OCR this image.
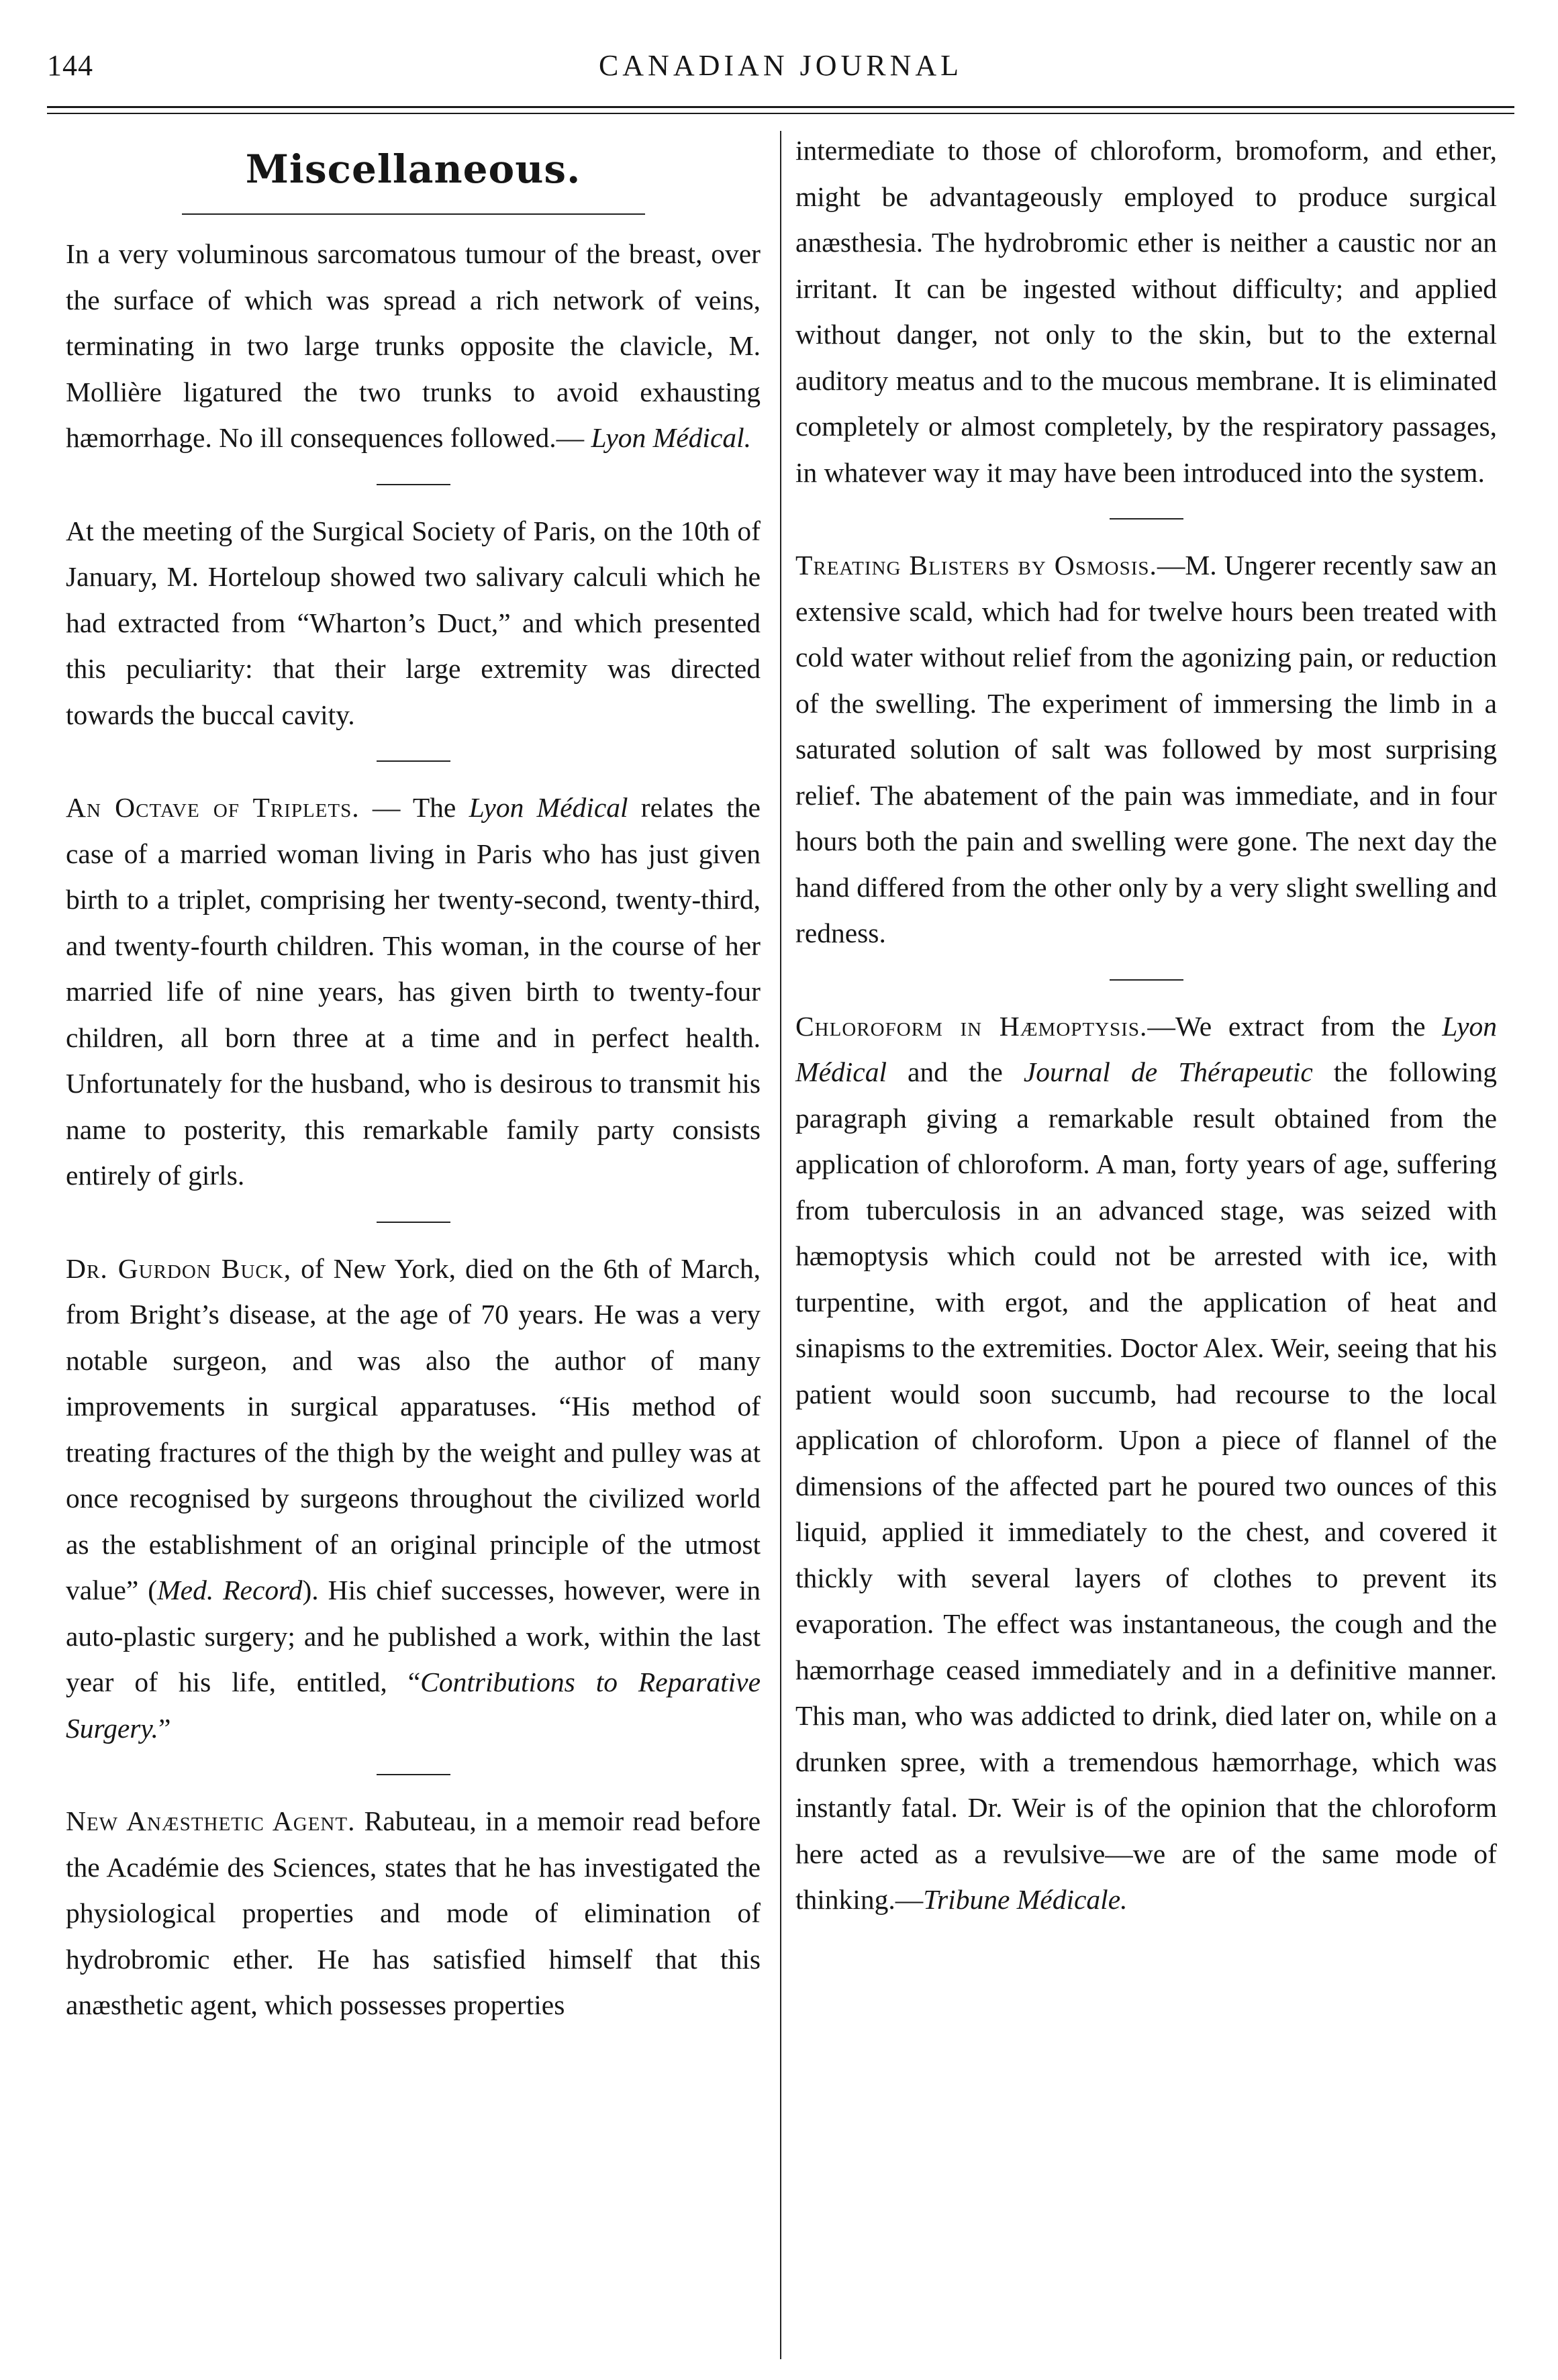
144	CANADIAN JOURNAL
Miscellaneous.

In a very voluminous sarcomatous tumour of the breast, over the surface of which was spread a rich network of veins, terminating in two large trunks opposite the clavicle, M. Mollière ligatured the two trunks to avoid exhausting hæmorrhage. No ill consequences followed.— Lyon Médical.

At the meeting of the Surgical Society of Paris, on the 10th of January, M. Horteloup showed two salivary calculi which he had extracted from “Wharton’s Duct,” and which presented this peculiarity: that their large extremity was directed towards the buccal cavity.

An Octave of Triplets. — The Lyon Médical relates the case of a married woman living in Paris who has just given birth to a triplet, comprising her twenty-second, twenty-third, and twenty-fourth children. This woman, in the course of her married life of nine years, has given birth to twenty-four children, all born three at a time and in perfect health. Unfortunately for the husband, who is desirous to transmit his name to posterity, this remarkable family party consists entirely of girls.

Dr. Gurdon Buck, of New York, died on the 6th of March, from Bright’s disease, at the age of 70 years. He was a very notable surgeon, and was also the author of many improvements in surgical apparatuses. “His method of treating fractures of the thigh by the weight and pulley was at once recognised by surgeons throughout the civilized world as the establishment of an original principle of the utmost value” (Med. Record). His chief successes, however, were in auto-plastic surgery; and he published a work, within the last year of his life, entitled, “Contributions to Reparative Surgery.”

New Anæsthetic Agent. Rabuteau, in a memoir read before the Académie des Sciences, states that he has investigated the physiological properties and mode of elimination of hydrobromic ether. He has satisfied himself that this anæsthetic agent, which possesses properties

intermediate to those of chloroform, bromoform, and ether, might be advantageously employed to produce surgical anæsthesia. The hydrobromic ether is neither a caustic nor an irritant. It can be ingested without difficulty; and applied without danger, not only to the skin, but to the external auditory meatus and to the mucous membrane. It is eliminated completely or almost completely, by the respiratory passages, in whatever way it may have been introduced into the system.

Treating Blisters by Osmosis.—M. Ungerer recently saw an extensive scald, which had for twelve hours been treated with cold water without relief from the agonizing pain, or reduction of the swelling. The experiment of immersing the limb in a saturated solution of salt was followed by most surprising relief. The abatement of the pain was immediate, and in four hours both the pain and swelling were gone. The next day the hand differed from the other only by a very slight swelling and redness.

Chloroform in Hæmoptysis.—We extract from the Lyon Médical and the Journal de Thérapeutic the following paragraph giving a remarkable result obtained from the application of chloroform. A man, forty years of age, suffering from tuberculosis in an advanced stage, was seized with hæmoptysis which could not be arrested with ice, with turpentine, with ergot, and the application of heat and sinapisms to the extremities. Doctor Alex. Weir, seeing that his patient would soon succumb, had recourse to the local application of chloroform. Upon a piece of flannel of the dimensions of the affected part he poured two ounces of this liquid, applied it immediately to the chest, and covered it thickly with several layers of clothes to prevent its evaporation. The effect was instantaneous, the cough and the hæmorrhage ceased immediately and in a definitive manner. This man, who was addicted to drink, died later on, while on a drunken spree, with a tremendous hæmorrhage, which was instantly fatal. Dr. Weir is of the opinion that the chloroform here acted as a revulsive—we are of the same mode of thinking.—Tribune Médicale.
